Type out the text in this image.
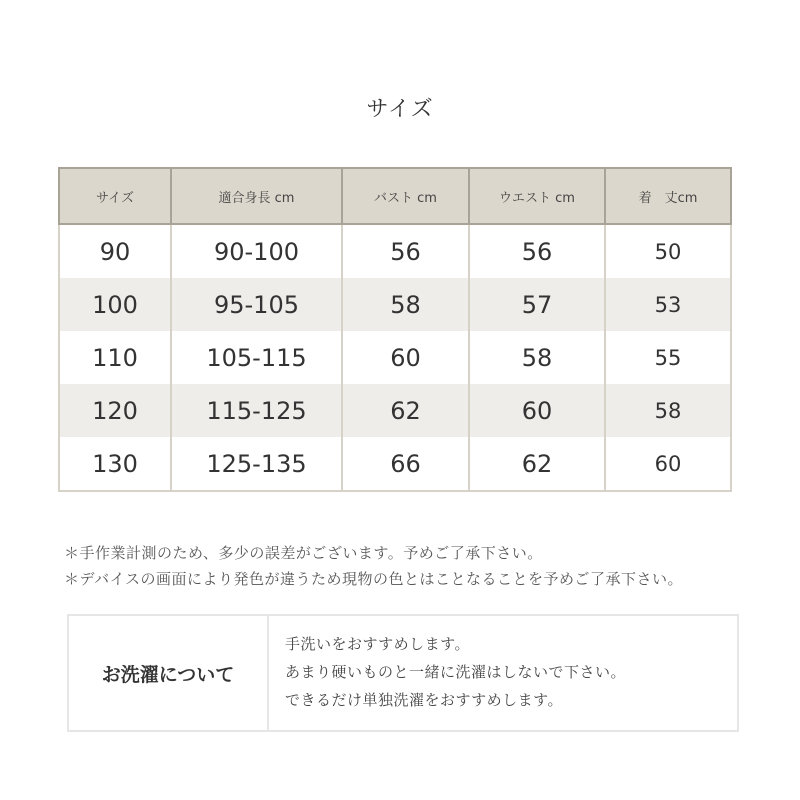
サイズ
サイズ	適合身長 cm	バスト cm	ウエスト cm	着　丈cm
90	90-100	56	56	50
100	95-105	58	57	53
110	105-115	60	58	55
120	115-125	62	60	58
130	125-135	66	62	60
＊手作業計測のため、多少の誤差がございます。予めご了承下さい。
＊デバイスの画面により発色が違うため現物の色とはことなることを予めご了承下さい。
お洗濯について
手洗いをおすすめします。
あまり硬いものと一緒に洗濯はしないで下さい。
できるだけ単独洗濯をおすすめします。
